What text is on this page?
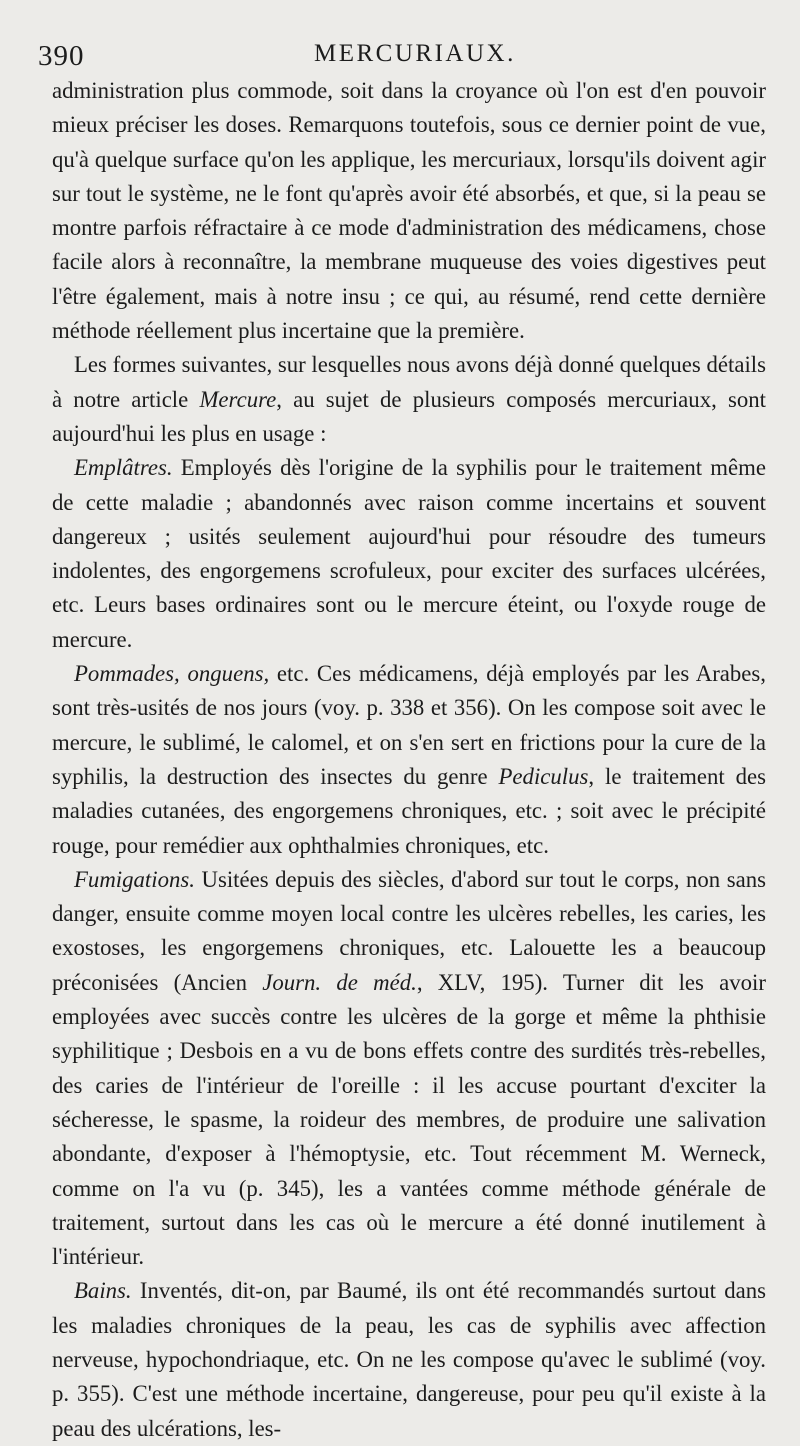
390	MERCURIAUX.

administration plus commode, soit dans la croyance où l'on est d'en pouvoir mieux préciser les doses. Remarquons toutefois, sous ce dernier point de vue, qu'à quelque surface qu'on les applique, les mercuriaux, lorsqu'ils doivent agir sur tout le système, ne le font qu'après avoir été absorbés, et que, si la peau se montre parfois réfractaire à ce mode d'administration des médicamens, chose facile alors à reconnaître, la membrane muqueuse des voies digestives peut l'être également, mais à notre insu ; ce qui, au résumé, rend cette dernière méthode réellement plus incertaine que la première.

Les formes suivantes, sur lesquelles nous avons déjà donné quelques détails à notre article Mercure, au sujet de plusieurs composés mercuriaux, sont aujourd'hui les plus en usage :

Emplâtres. Employés dès l'origine de la syphilis pour le traitement même de cette maladie ; abandonnés avec raison comme incertains et souvent dangereux ; usités seulement aujourd'hui pour résoudre des tumeurs indolentes, des engorgemens scrofuleux, pour exciter des surfaces ulcérées, etc. Leurs bases ordinaires sont ou le mercure éteint, ou l'oxyde rouge de mercure.

Pommades, onguens, etc. Ces médicamens, déjà employés par les Arabes, sont très-usités de nos jours (voy. p. 338 et 356). On les compose soit avec le mercure, le sublimé, le calomel, et on s'en sert en frictions pour la cure de la syphilis, la destruction des insectes du genre Pediculus, le traitement des maladies cutanées, des engorgemens chroniques, etc. ; soit avec le précipité rouge, pour remédier aux ophthalmies chroniques, etc.

Fumigations. Usitées depuis des siècles, d'abord sur tout le corps, non sans danger, ensuite comme moyen local contre les ulcères rebelles, les caries, les exostoses, les engorgemens chroniques, etc. Lalouette les a beaucoup préconisées (Ancien Journ. de méd., XLV, 195). Turner dit les avoir employées avec succès contre les ulcères de la gorge et même la phthisie syphilitique ; Desbois en a vu de bons effets contre des surdités très-rebelles, des caries de l'intérieur de l'oreille : il les accuse pourtant d'exciter la sécheresse, le spasme, la roideur des membres, de produire une salivation abondante, d'exposer à l'hémoptysie, etc. Tout récemment M. Werneck, comme on l'a vu (p. 345), les a vantées comme méthode générale de traitement, surtout dans les cas où le mercure a été donné inutilement à l'intérieur.

Bains. Inventés, dit-on, par Baumé, ils ont été recommandés surtout dans les maladies chroniques de la peau, les cas de syphilis avec affection nerveuse, hypochondriaque, etc. On ne les compose qu'avec le sublimé (voy. p. 355). C'est une méthode incertaine, dangereuse, pour peu qu'il existe à la peau des ulcérations, les-
